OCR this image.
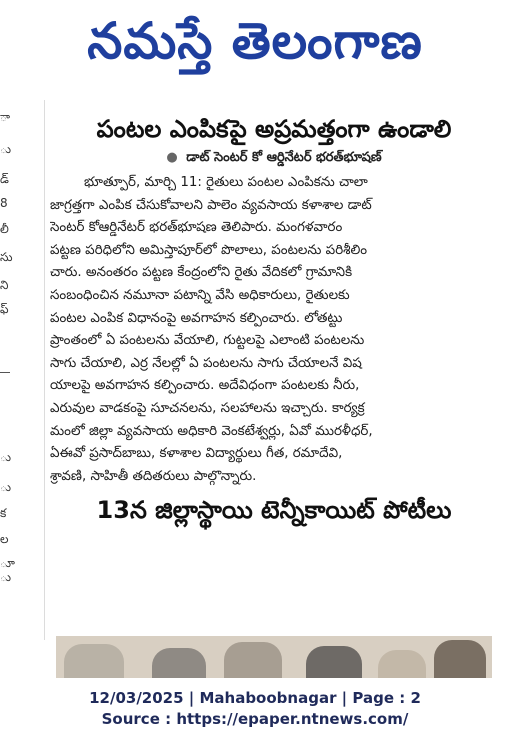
నమస్తే తెలంగాణ
ా
ు
డ్
8
లీ
సు
ని
ఫ్
ు
ు
క
ల
ూ
ు
పంటల ఎంపికపై అప్రమత్తంగా ఉండాలి
● డాట్ సెంటర్ కో ఆర్డినేటర్ భరత్‌భూషణ్
భూత్పూర్, మార్చి 11: రైతులు పంటల ఎంపికను చాలా
జాగ్రత్తగా ఎంపిక చేసుకోవాలని పాలెం వ్యవసాయ కళాశాల డాట్
సెంటర్ కోఆర్డినేటర్ భరత్‌భూషణ తెలిపారు. మంగళవారం
పట్టణ పరిధిలోని అమిస్తాపూర్‌లో పొలాలు, పంటలను పరిశీలిం
చారు. అనంతరం పట్టణ కేంద్రంలోని రైతు వేదికలో గ్రామానికి
సంబంధించిన నమూనా పటాన్ని వేసి అధికారులు, రైతులకు
పంటల ఎంపిక విధానంపై అవగాహన కల్పించారు. లోతట్టు
ప్రాంతంలో ఏ పంటలను వేయాలి, గుట్టలపై ఎలాంటి పంటలను
సాగు చేయాలి, ఎర్ర నేలల్లో ఏ పంటలను సాగు చేయాలనే విష
యాలపై అవగాహన కల్పించారు. అదేవిధంగా పంటలకు నీరు,
ఎరువుల వాడకంపై సూచనలను, సలహాలను ఇచ్చారు. కార్యక్ర
మంలో జిల్లా వ్యవసాయ అధికారి వెంకటేశ్వర్లు, ఏవో మురళీధర్,
ఏఈవో ప్రసాద్‌బాబు, కళాశాల విద్యార్థులు గీత, రమాదేవి,
శ్రావణి, సాహితీ తదితరులు పాల్గొన్నారు.
13న జిల్లాస్థాయి టెన్నీకాయిట్ పోటీలు
12/03/2025 | Mahaboobnagar | Page : 2
Source : https://epaper.ntnews.com/
